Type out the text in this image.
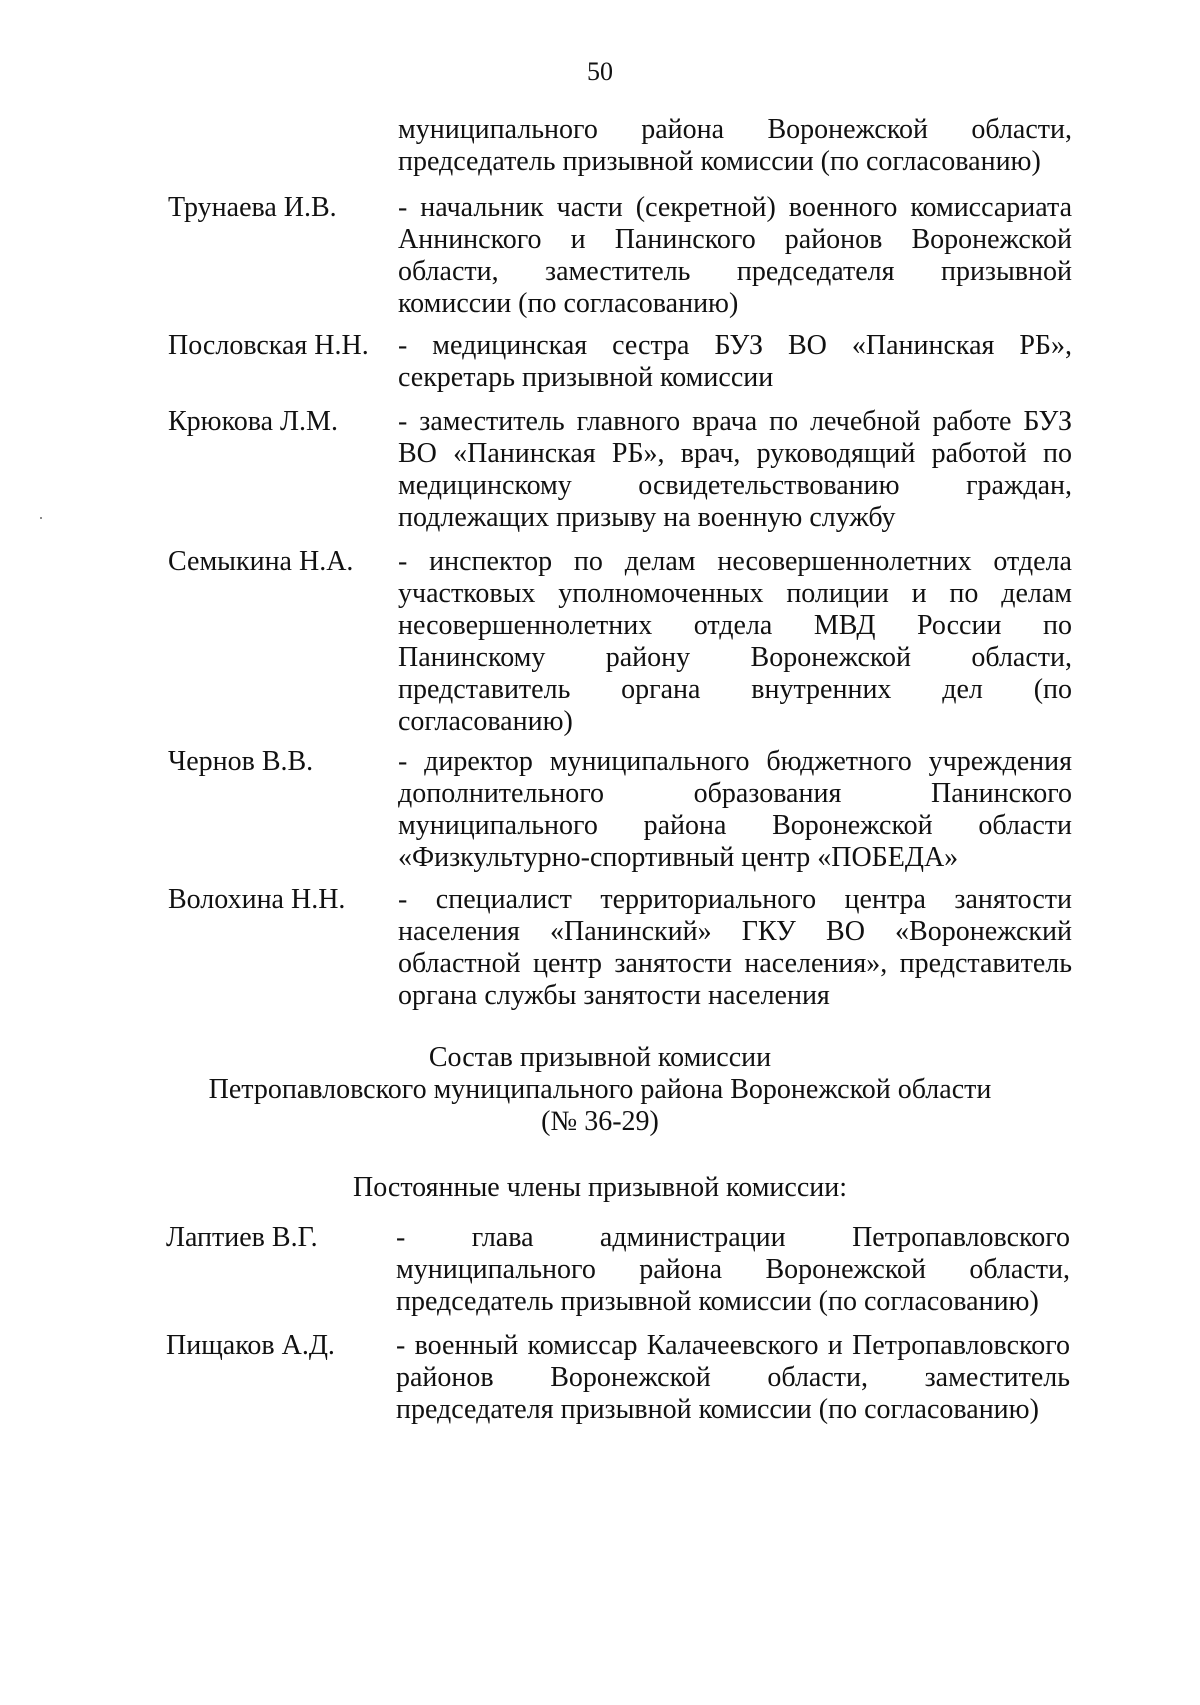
50
муниципального района Воронежской области,
председатель призывной комиссии (по согласованию)
Трунаева И.В. - начальник части (секретной) военного комиссариата
Аннинского и Панинского районов Воронежской
области, заместитель председателя призывной
комиссии (по согласованию)
Пословская Н.Н. - медицинская сестра БУЗ ВО «Панинская РБ»,
секретарь призывной комиссии
Крюкова Л.М. - заместитель главного врача по лечебной работе БУЗ
ВО «Панинская РБ», врач, руководящий работой по
медицинскому освидетельствованию граждан,
подлежащих призыву на военную службу
Семыкина Н.А. - инспектор по делам несовершеннолетних отдела
участковых уполномоченных полиции и по делам
несовершеннолетних отдела МВД России по
Панинскому району Воронежской области,
представитель органа внутренних дел (по
согласованию)
Чернов В.В.	- директор муниципального бюджетного учреждения
дополнительного образования Панинского
муниципального района Воронежской области
«Физкультурно-спортивный центр «ПОБЕДА»
Волохина Н.Н. - специалист территориального центра занятости
населения «Панинский» ГКУ ВО «Воронежский
областной центр занятости населения», представитель
органа службы занятости населения
Состав призывной комиссии
Петропавловского муниципального района Воронежской области
(№ 36-29)
Постоянные члены призывной комиссии:
Лаптиев В.Г.	- глава администрации Петропавловского
муниципального района Воронежской области,
председатель призывной комиссии (по согласованию)
Пищаков А.Д. - военный комиссар Калачеевского и Петропавловского
районов Воронежской области, заместитель
председателя призывной комиссии (по согласованию)
